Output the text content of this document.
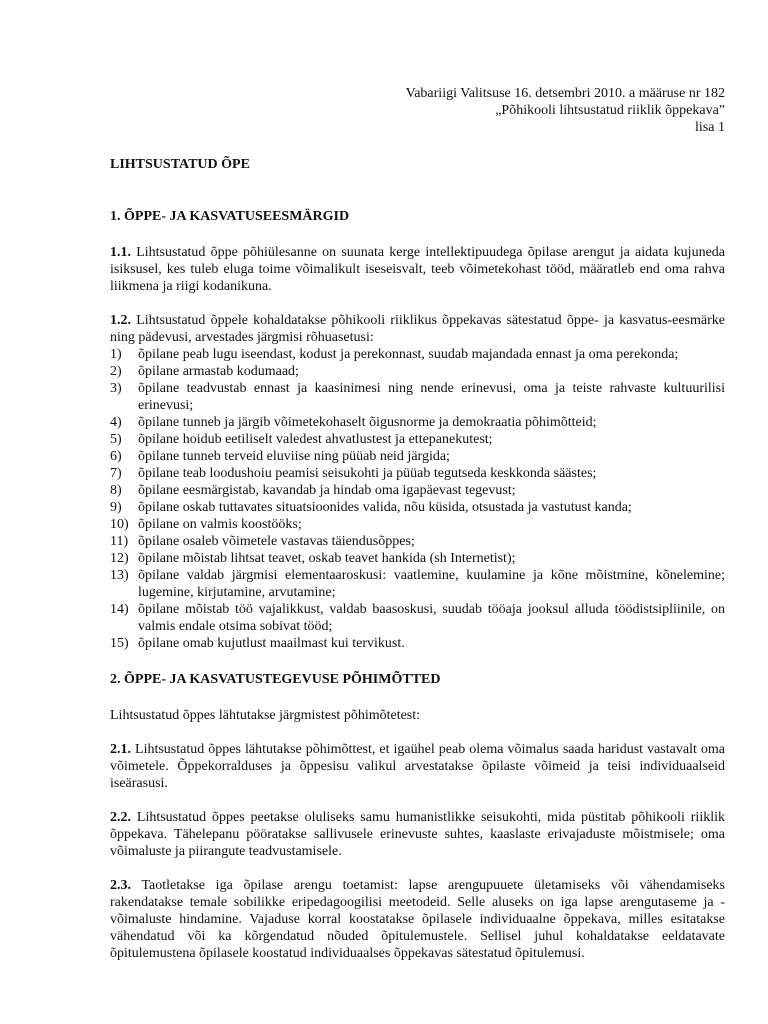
Vabariigi Valitsuse 16. detsembri 2010. a määruse nr 182
„Põhikooli lihtsustatud riiklik õppekava”
lisa 1
LIHTSUSTATUD ÕPE
1. ÕPPE- JA KASVATUSEESMÄRGID

1.1. Lihtsustatud õppe põhiülesanne on suunata kerge intellektipuudega õpilase arengut ja aidata kujuneda isiksusel, kes tuleb eluga toime võimalikult iseseisvalt, teeb võimetekohast tööd, määratleb end oma rahva liikmena ja riigi kodanikuna.

1.2. Lihtsustatud õppele kohaldatakse põhikooli riiklikus õppekavas sätestatud õppe- ja kasvatus-eesmärke ning pädevusi, arvestades järgmisi rõhuasetusi:

1) õpilane peab lugu iseendast, kodust ja perekonnast, suudab majandada ennast ja oma perekonda;
2) õpilane armastab kodumaad;
3) õpilane teadvustab ennast ja kaasinimesi ning nende erinevusi, oma ja teiste rahvaste kultuurilisi erinevusi;
4) õpilane tunneb ja järgib võimetekohaselt õigusnorme ja demokraatia põhimõtteid;
5) õpilane hoidub eetiliselt valedest ahvatlustest ja ettepanekutest;
6) õpilane tunneb terveid eluviise ning püüab neid järgida;
7) õpilane teab loodushoiu peamisi seisukohti ja püüab tegutseda keskkonda säästes;
8) õpilane eesmärgistab, kavandab ja hindab oma igapäevast tegevust;
9) õpilane oskab tuttavates situatsioonides valida, nõu küsida, otsustada ja vastutust kanda;
10) õpilane on valmis koostööks;
11) õpilane osaleb võimetele vastavas täiendusõppes;
12) õpilane mõistab lihtsat teavet, oskab teavet hankida (sh Internetist);
13) õpilane valdab järgmisi elementaaroskusi: vaatlemine, kuulamine ja kõne mõistmine, kõnelemine; lugemine, kirjutamine, arvutamine;
14) õpilane mõistab töö vajalikkust, valdab baasoskusi, suudab tööaja jooksul alluda töödistsipliinile, on valmis endale otsima sobivat tööd;
15) õpilane omab kujutlust maailmast kui tervikust.
2. ÕPPE- JA KASVATUSTEGEVUSE PÕHIMÕTTED

Lihtsustatud õppes lähtutakse järgmistest põhimõtetest:

2.1. Lihtsustatud õppes lähtutakse põhimõttest, et igaühel peab olema võimalus saada haridust vastavalt oma võimetele. Õppekorralduses ja õppesisu valikul arvestatakse õpilaste võimeid ja teisi individuaalseid iseärasusi.

2.2. Lihtsustatud õppes peetakse oluliseks samu humanistlikke seisukohti, mida püstitab põhikooli riiklik õppekava. Tähelepanu pööratakse sallivusele erinevuste suhtes, kaaslaste erivajaduste mõistmisele; oma võimaluste ja piirangute teadvustamisele.

2.3. Taotletakse iga õpilase arengu toetamist: lapse arengupuuete ületamiseks või vähendamiseks rakendatakse temale sobilikke eripedagoogilisi meetodeid. Selle aluseks on iga lapse arengutaseme ja -võimaluste hindamine. Vajaduse korral koostatakse õpilasele individuaalne õppekava, milles esitatakse vähendatud või ka kõrgendatud nõuded õpitulemustele. Sellisel juhul kohaldatakse eeldatavate õpitulemustena õpilasele koostatud individuaalses õppekavas sätestatud õpitulemusi.
